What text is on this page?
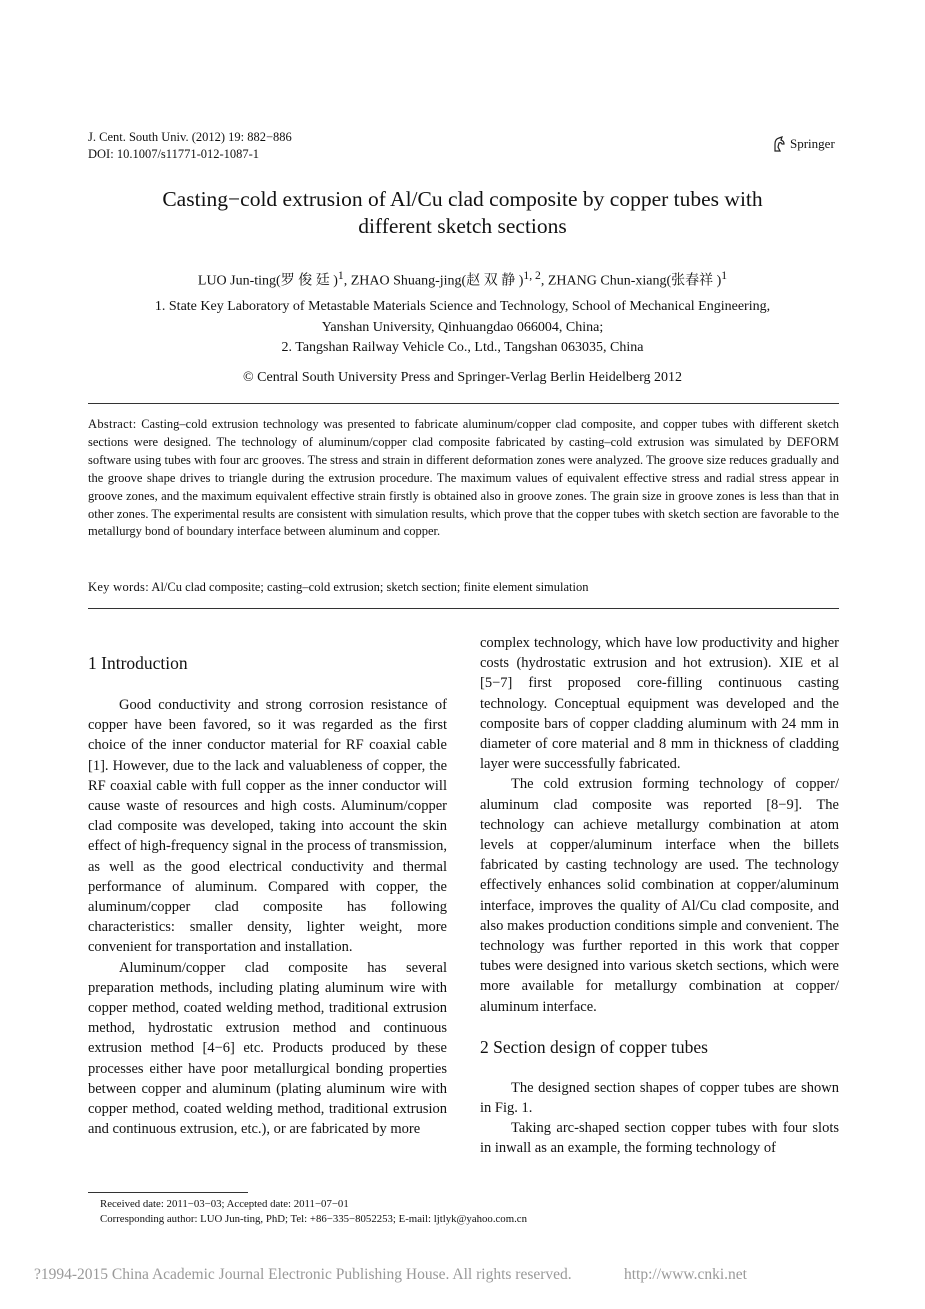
J. Cent. South Univ. (2012) 19: 882−886
DOI: 10.1007/s11771-012-1087-1
Springer
Casting−cold extrusion of Al/Cu clad composite by copper tubes with
different sketch sections
LUO Jun-ting(罗 俊 廷 )$^1$, ZHAO Shuang-jing(赵 双 静 )$^{1, 2}$, ZHANG Chun-xiang(张春祥 )$^1$
1. State Key Laboratory of Metastable Materials Science and Technology, School of Mechanical Engineering,
Yanshan University, Qinhuangdao 066004, China;
2. Tangshan Railway Vehicle Co., Ltd., Tangshan 063035, China
© Central South University Press and Springer-Verlag Berlin Heidelberg 2012
Abstract: Casting–cold extrusion technology was presented to fabricate aluminum/copper clad composite, and copper tubes with different sketch sections were designed. The technology of aluminum/copper clad composite fabricated by casting–cold extrusion was simulated by DEFORM software using tubes with four arc grooves. The stress and strain in different deformation zones were analyzed. The groove size reduces gradually and the groove shape drives to triangle during the extrusion procedure. The maximum values of equivalent effective stress and radial stress appear in groove zones, and the maximum equivalent effective strain firstly is obtained also in groove zones. The grain size in groove zones is less than that in other zones. The experimental results are consistent with simulation results, which prove that the copper tubes with sketch section are favorable to the metallurgy bond of boundary interface between aluminum and copper.
Key words: Al/Cu clad composite; casting–cold extrusion; sketch section; finite element simulation
1 Introduction

Good conductivity and strong corrosion resistance of copper have been favored, so it was regarded as the first choice of the inner conductor material for RF coaxial cable [1]. However, due to the lack and valuableness of copper, the RF coaxial cable with full copper as the inner conductor will cause waste of resources and high costs. Aluminum/copper clad composite was developed, taking into account the skin effect of high-frequency signal in the process of transmission, as well as the good electrical conductivity and thermal performance of aluminum. Compared with copper, the aluminum/copper clad composite has following characteristics: smaller density, lighter weight, more convenient for transportation and installation.

Aluminum/copper clad composite has several preparation methods, including plating aluminum wire with copper method, coated welding method, traditional extrusion method, hydrostatic extrusion method and continuous extrusion method [4−6] etc. Products produced by these processes either have poor metallurgical bonding properties between copper and aluminum (plating aluminum wire with copper method, coated welding method, traditional extrusion and continuous extrusion, etc.), or are fabricated by more

complex technology, which have low productivity and higher costs (hydrostatic extrusion and hot extrusion). XIE et al [5−7] first proposed core-filling continuous casting technology. Conceptual equipment was developed and the composite bars of copper cladding aluminum with 24 mm in diameter of core material and 8 mm in thickness of cladding layer were successfully fabricated.

The cold extrusion forming technology of copper/ aluminum clad composite was reported [8−9]. The technology can achieve metallurgy combination at atom levels at copper/aluminum interface when the billets fabricated by casting technology are used. The technology effectively enhances solid combination at copper/aluminum interface, improves the quality of Al/Cu clad composite, and also makes production conditions simple and convenient. The technology was further reported in this work that copper tubes were designed into various sketch sections, which were more available for metallurgy combination at copper/ aluminum interface.

2 Section design of copper tubes

The designed section shapes of copper tubes are shown in Fig. 1.

Taking arc-shaped section copper tubes with four slots in inwall as an example, the forming technology of

Received date: 2011−03−03; Accepted date: 2011−07−01
Corresponding author: LUO Jun-ting, PhD; Tel: +86−335−8052253; E-mail: ljtlyk@yahoo.com.cn
?1994-2015 China Academic Journal Electronic Publishing House. All rights reserved.	http://www.cnki.net
